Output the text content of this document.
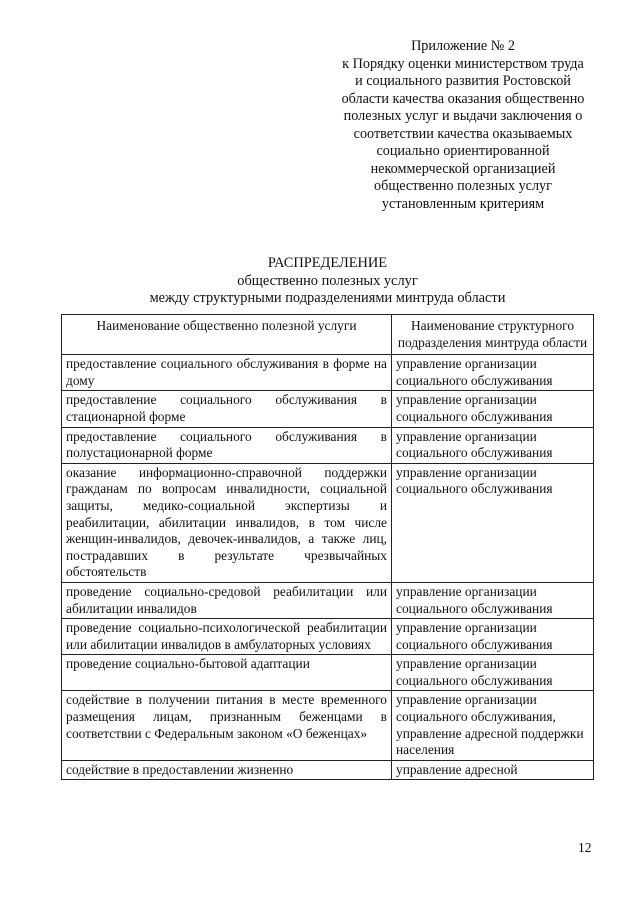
Приложение № 2
к Порядку оценки министерством труда
и социального развития Ростовской
области качества оказания общественно
полезных услуг и выдачи заключения о
соответствии качества оказываемых
социально ориентированной
некоммерческой организацией
общественно полезных услуг
установленным критериям
РАСПРЕДЕЛЕНИЕ
общественно полезных услуг
между структурными подразделениями минтруда области
Наименование общественно полезной услуги	Наименование структурного подразделения минтруда области
предоставление социального обслуживания в форме на дому	управление организации социального обслуживания
предоставление социального обслуживания в стационарной форме	управление организации социального обслуживания
предоставление социального обслуживания в полустационарной форме	управление организации социального обслуживания
оказание информационно-справочной поддержки гражданам по вопросам инвалидности, социальной защиты, медико-социальной экспертизы и реабилитации, абилитации инвалидов, в том числе женщин-инвалидов, девочек-инвалидов, а также лиц, пострадавших в результате чрезвычайных обстоятельств	управление организации социального обслуживания
проведение социально-средовой реабилитации или абилитации инвалидов	управление организации социального обслуживания
проведение социально-психологической реабилитации или абилитации инвалидов в амбулаторных условиях	управление организации социального обслуживания
проведение социально-бытовой адаптации	управление организации социального обслуживания
содействие в получении питания в месте временного размещения лицам, признанным беженцами в соответствии с Федеральным законом «О беженцах»	управление организации социального обслуживания, управление адресной поддержки населения
содействие в предоставлении жизненно	управление адресной
12
